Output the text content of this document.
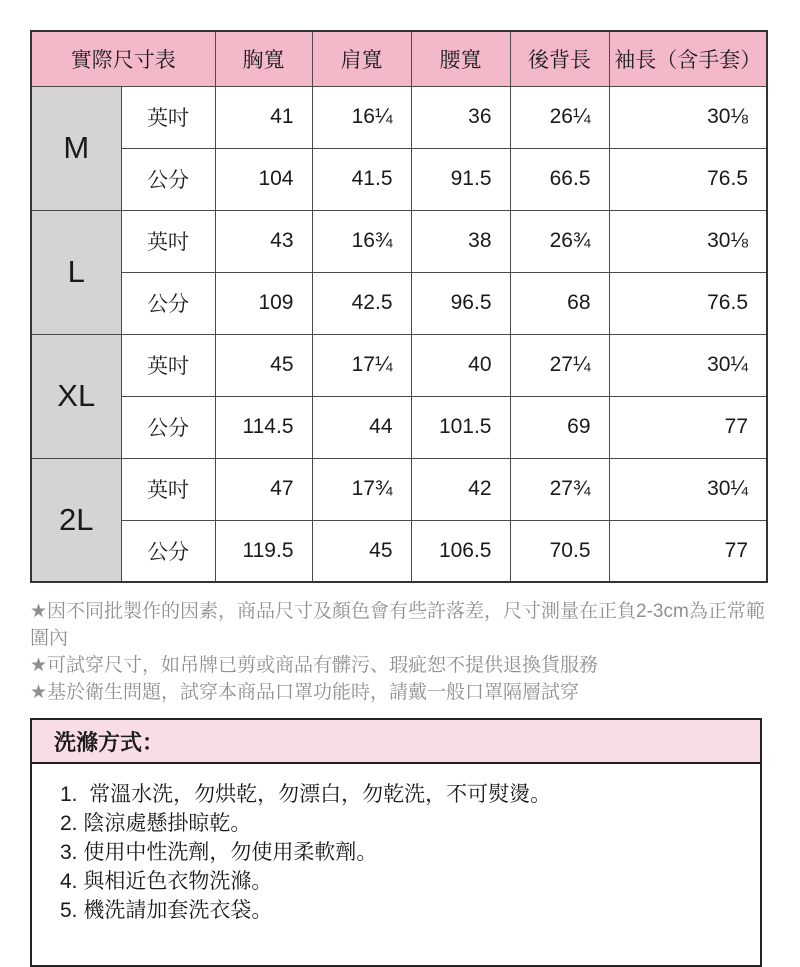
實際尺寸表		胸寬	肩寬	腰寬	後背長	袖長（含手套）
M	英吋	41	16¼	36	26¼	30⅛
	公分	104	41.5	91.5	66.5	76.5
L	英吋	43	16¾	38	26¾	30⅛
	公分	109	42.5	96.5	68	76.5
XL	英吋	45	17¼	40	27¼	30¼
	公分	114.5	44	101.5	69	77
2L	英吋	47	17¾	42	27¾	30¼
	公分	119.5	45	106.5	70.5	77
★因不同批製作的因素，商品尺寸及顏色會有些許落差，尺寸測量在正負2-3cm為正常範圍內
★可試穿尺寸，如吊牌已剪或商品有髒污、瑕疵恕不提供退換貨服務
★基於衛生問題，試穿本商品口罩功能時，請戴一般口罩隔層試穿
洗滌方式：
1.  常溫水洗，勿烘乾，勿漂白，勿乾洗，不可熨燙。
2. 陰涼處懸掛晾乾。
3. 使用中性洗劑，勿使用柔軟劑。
4. 與相近色衣物洗滌。
5. 機洗請加套洗衣袋。
